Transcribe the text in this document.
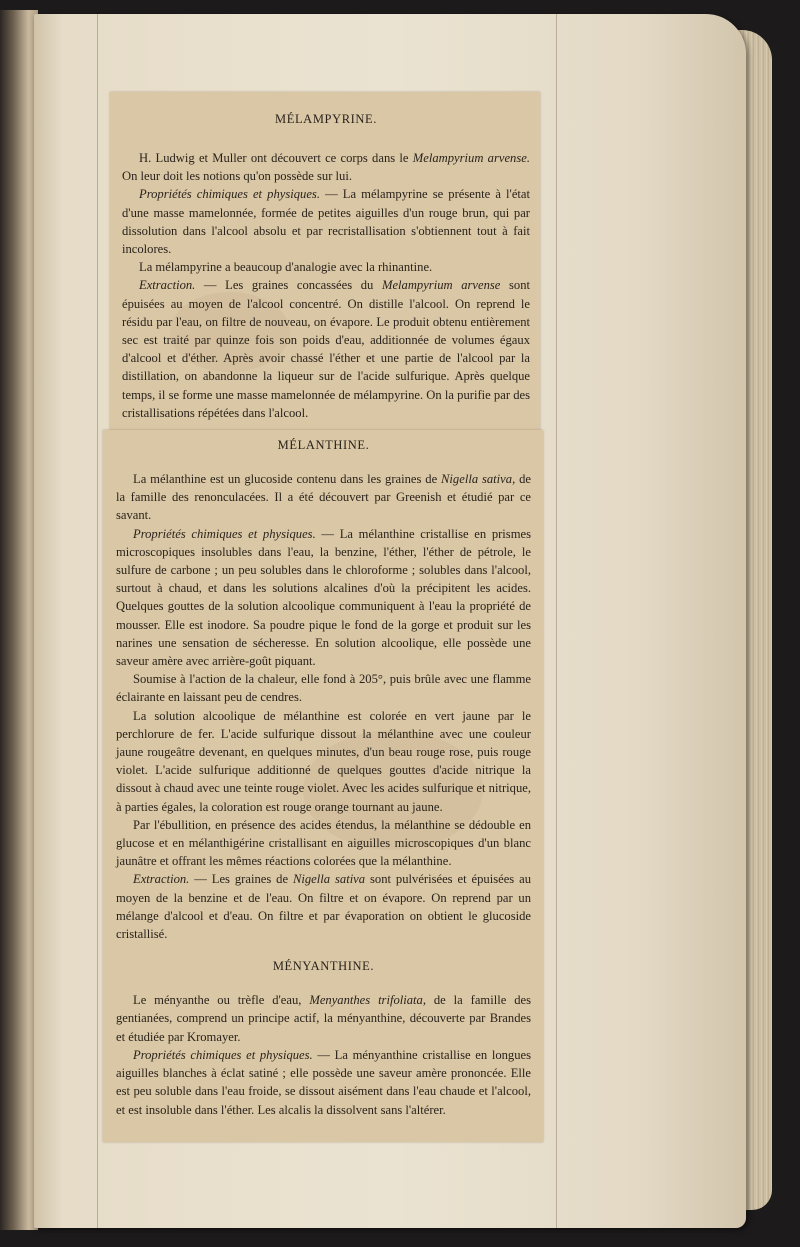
MÉLAMPYRINE.

H. Ludwig et Muller ont découvert ce corps dans le Melampyrium arvense. On leur doit les notions qu'on possède sur lui.

Propriétés chimiques et physiques. — La mélampyrine se présente à l'état d'une masse mamelonnée, formée de petites aiguilles d'un rouge brun, qui par dissolution dans l'alcool absolu et par recristallisation s'obtiennent tout à fait incolores.

La mélampyrine a beaucoup d'analogie avec la rhinantine.

Extraction. — Les graines concassées du Melampyrium arvense sont épuisées au moyen de l'alcool concentré. On distille l'alcool. On reprend le résidu par l'eau, on filtre de nouveau, on évapore. Le produit obtenu entièrement sec est traité par quinze fois son poids d'eau, additionnée de volumes égaux d'alcool et d'éther. Après avoir chassé l'éther et une partie de l'alcool par la distillation, on abandonne la liqueur sur de l'acide sulfurique. Après quelque temps, il se forme une masse mamelonnée de mélampyrine. On la purifie par des cristallisations répétées dans l'alcool.

MÉLANTHINE.

La mélanthine est un glucoside contenu dans les graines de Nigella sativa, de la famille des renonculacées. Il a été découvert par Greenish et étudié par ce savant.

Propriétés chimiques et physiques. — La mélanthine cristallise en prismes microscopiques insolubles dans l'eau, la benzine, l'éther, l'éther de pétrole, le sulfure de carbone ; un peu solubles dans le chloroforme ; solubles dans l'alcool, surtout à chaud, et dans les solutions alcalines d'où la précipitent les acides. Quelques gouttes de la solution alcoolique communiquent à l'eau la propriété de mousser. Elle est inodore. Sa poudre pique le fond de la gorge et produit sur les narines une sensation de sécheresse. En solution alcoolique, elle possède une saveur amère avec arrière-goût piquant.

Soumise à l'action de la chaleur, elle fond à 205°, puis brûle avec une flamme éclairante en laissant peu de cendres.

La solution alcoolique de mélanthine est colorée en vert jaune par le perchlorure de fer. L'acide sulfurique dissout la mélanthine avec une couleur jaune rougeâtre devenant, en quelques minutes, d'un beau rouge rose, puis rouge violet. L'acide sulfurique additionné de quelques gouttes d'acide nitrique la dissout à chaud avec une teinte rouge violet. Avec les acides sulfurique et nitrique, à parties égales, la coloration est rouge orange tournant au jaune.

Par l'ébullition, en présence des acides étendus, la mélanthine se dédouble en glucose et en mélanthigérine cristallisant en aiguilles microscopiques d'un blanc jaunâtre et offrant les mêmes réactions colorées que la mélanthine.

Extraction. — Les graines de Nigella sativa sont pulvérisées et épuisées au moyen de la benzine et de l'eau. On filtre et on évapore. On reprend par un mélange d'alcool et d'eau. On filtre et par évaporation on obtient le glucoside cristallisé.

MÉNYANTHINE.

Le ményanthe ou trèfle d'eau, Menyanthes trifoliata, de la famille des gentianées, comprend un principe actif, la ményanthine, découverte par Brandes et étudiée par Kromayer.

Propriétés chimiques et physiques. — La ményanthine cristallise en longues aiguilles blanches à éclat satiné ; elle possède une saveur amère prononcée. Elle est peu soluble dans l'eau froide, se dissout aisément dans l'eau chaude et l'alcool, et est insoluble dans l'éther. Les alcalis la dissolvent sans l'altérer.
